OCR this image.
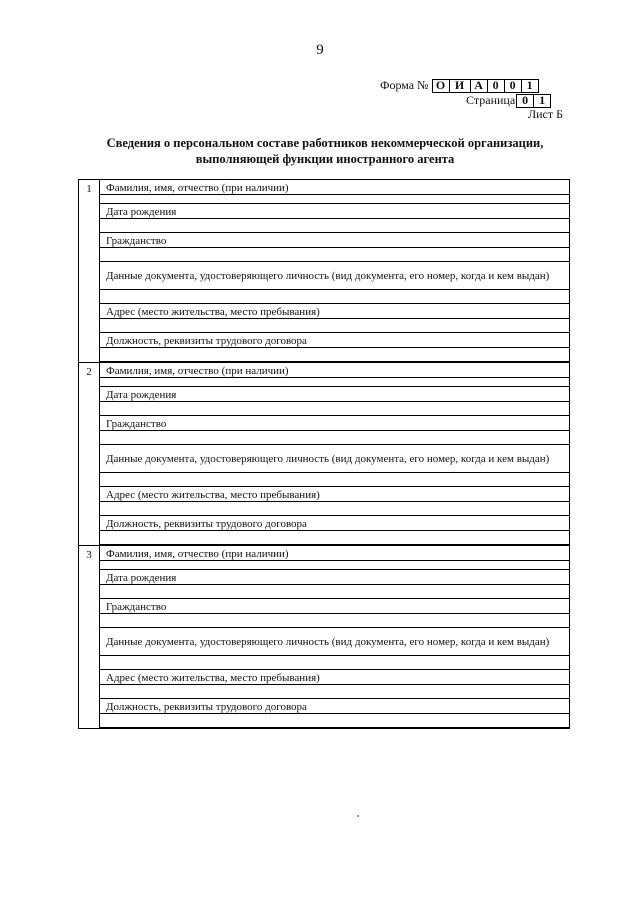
9
Форма № О И А 0 0 1
Страница 0 1
Лист Б
Сведения о персональном составе работников некоммерческой организации,
выполняющей функции иностранного агента
1	Фамилия, имя, отчество (при наличии)

	Дата рождения

	Гражданство

	Данные документа, удостоверяющего личность (вид документа, его номер, когда и кем выдан)

	Адрес (место жительства, место пребывания)

	Должность, реквизиты трудового договора

2	Фамилия, имя, отчество (при наличии)

	Дата рождения

	Гражданство

	Данные документа, удостоверяющего личность (вид документа, его номер, когда и кем выдан)

	Адрес (место жительства, место пребывания)

	Должность, реквизиты трудового договора

3	Фамилия, имя, отчество (при наличии)

	Дата рождения

	Гражданство

	Данные документа, удостоверяющего личность (вид документа, его номер, когда и кем выдан)

	Адрес (место жительства, место пребывания)

	Должность, реквизиты трудового договора
